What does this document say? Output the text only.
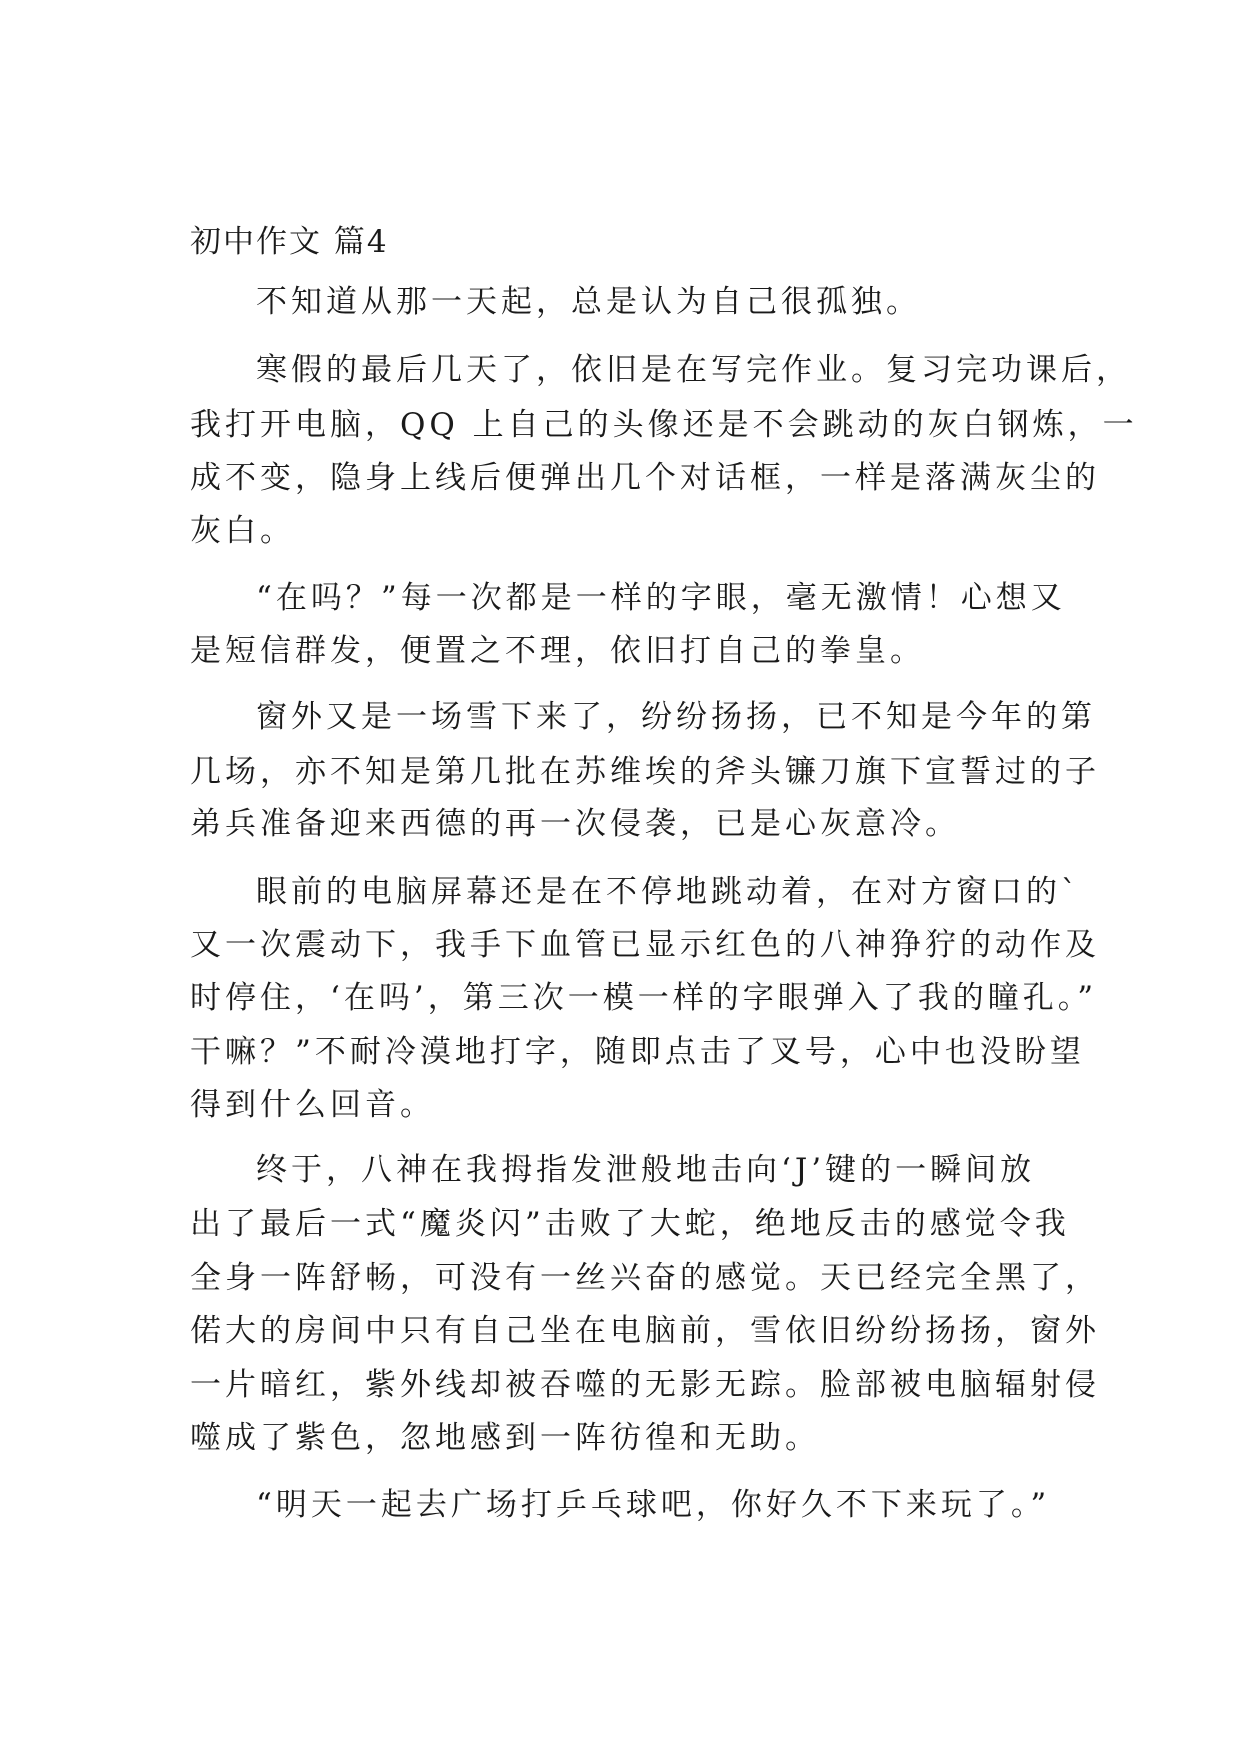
初中作文 篇4
不知道从那一天起，总是认为自己很孤独。
寒假的最后几天了，依旧是在写完作业。复习完功课后，
我打开电脑，QQ 上自己的头像还是不会跳动的灰白钢炼，一
成不变，隐身上线后便弹出几个对话框，一样是落满灰尘的
灰白。
“在吗？”每一次都是一样的字眼，毫无激情！心想又
是短信群发，便置之不理，依旧打自己的拳皇。
窗外又是一场雪下来了，纷纷扬扬，已不知是今年的第
几场，亦不知是第几批在苏维埃的斧头镰刀旗下宣誓过的子
弟兵准备迎来西德的再一次侵袭，已是心灰意冷。
眼前的电脑屏幕还是在不停地跳动着，在对方窗口的`
又一次震动下，我手下血管已显示红色的八神狰狞的动作及
时停住，‘在吗’，第三次一模一样的字眼弹入了我的瞳孔。”
干嘛？”不耐冷漠地打字，随即点击了叉号，心中也没盼望
得到什么回音。
终于，八神在我拇指发泄般地击向‘J’键的一瞬间放
出了最后一式“魔炎闪”击败了大蛇，绝地反击的感觉令我
全身一阵舒畅，可没有一丝兴奋的感觉。天已经完全黑了，
偌大的房间中只有自己坐在电脑前，雪依旧纷纷扬扬，窗外
一片暗红，紫外线却被吞噬的无影无踪。脸部被电脑辐射侵
噬成了紫色，忽地感到一阵彷徨和无助。
“明天一起去广场打乒乓球吧，你好久不下来玩了。”
